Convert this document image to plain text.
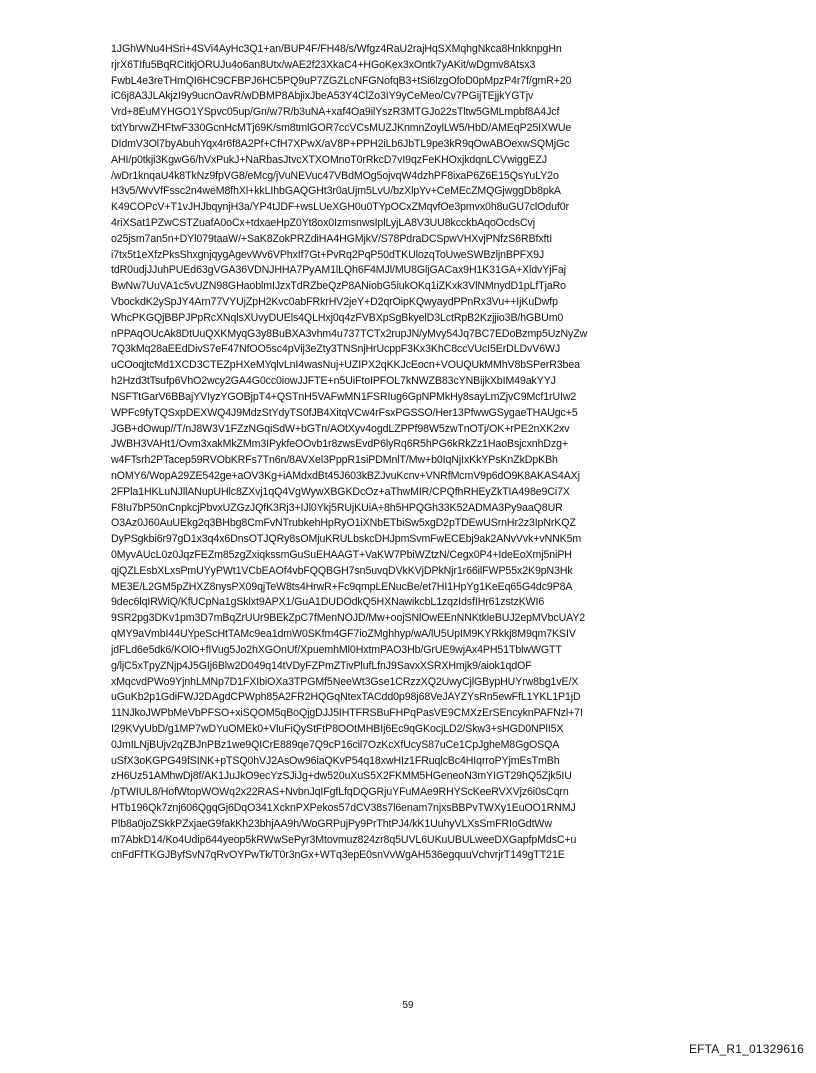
1JGhWNu4HSri+4SVi4AyHc3Q1+an/BUP4F/FH48/s/Wfgz4RaU2rajHqSXMqhgNkca8HnkknpgHn
rjrX6TIfu5BqRCitkjORUJu4o6an8Utx/wAE2f23XkaC4+HGoKex3xOntk7yAKit/wDgmv8Atsx3
FwbL4e3reTHmQI6HC9CFBPJ6HC5PQ9uP7ZGZLcNFGNofqB3+tSi6lzgOfoD0pMpzP4r7f/gmR+20
iC6j8A3JLAkjzI9y9ucnOavR/wDBMP8AbjixJbeA53Y4ClZo3IY9yCeMeo/Cv7PGijTEjjkYGTjv
Vrd+8EuMYHGO1YSpvc05up/Gn/w7R/b3uNA+xaf4Oa9ilYszR3MTGJo22sTltw5GMLmpbf8A4Jcf
txtYbrvwZHFtwF330GcnHcMTj69K/sm8tmlGOR7ccVCsMUZJKnmnZoylLW5/HbD/AMEqP25IXWUe
DIdmV3Ol7byAbuhYqx4r6f8A2Pf+CfH7XPwX/aV8P+PPH2iLb6JbTL9pe3kR9qOwABOexwSQMjGc
AHI/p0tkji3KgwG6/hVxPukJ+NaRbasJtvcXTXOMnoT0rRkcD7vI9qzFeKHOxjkdqnLCVwiggEZJ
/wDr1knqaU4k8TkNz9fpVG8/eMcg/jVuNEVuc47VBdMOg5ojvqW4dzhPF8ixaP6Z6E15QsYuLY2o
H3v5/WvVfFssc2n4weM8fhXl+kkLIhbGAQGHt3r0aUjm5LvU/bzXlpYv+CeMEcZMQGjwggDb8pkA
K49COPcV+T1vJHJbqynjH3a/YP4tJDF+wsLUeXGH0u0TYpOCxZMqvfOe3pmvx0h8uGU7clOduf0r
4riXSat1PZwCSTZuafA0oCx+tdxaeHpZ0Yt8ox0IzmsnwsIplLyjLA8V3UU8kcckbAqoOcdsCvj
o25jsm7an5n+DYl079taaW/+SaK8ZokPRZdiHA4HGMjkV/S78PdraDCSpwVHXvjPNfzS6RBfxftI
i7tx5t1eXfzPksShxgnjqygAgevWv6VPhxIf7Gt+PvRq2PqP50dTKUlozqToUweSWBzljnBPFX9J
tdR0udjJJuhPUEd63gVGA36VDNJHHA7PyAM1lLQh6F4MJl/MU8GljGACax9H1K31GA+XldvYjFaj
BwNw7UuVA1c5vUZN98GHaoblmIJzxTdRZbeQzP8ANiobG5iukOKq1iZKxk3VlNMnydD1pLfTjaRo
VbockdK2ySpJY4Arn77VYUjZpH2Kvc0abFRkrHV2jeY+D2qrOipKQwyaydPPnRx3Vu++IjKuDwfp
WhcPKGQjBBPJPpRcXNqlsXUvyDUEls4QLHxj0q4zFVBXpSgBkyelD3LctRpB2Kzjjio3B/hGBUm0
nPPAqOUcAk8DtUuQXKMyqG3y8BuBXA3vhm4u737TCTx2rupJN/yMvy54Jq7BC7EDoBzmp5UzNyZw
7Q3kMq28aEEdDivS7eF47NfOO5sc4pVij3eZty3TNSnjHrUcppF3Kx3KhC8ccVUcI5ErDLDvV6WJ
uCOoqjtcMd1XCD3CTEZpHXeMYqlvLnI4wasNuj+UZIPX2qKKJcEocn+VOUQUkMMhV8bSPerR3bea
h2Hzd3tTsufp6VhO2wcy2GA4G0cc0iowJJFTE+n5UiFtoIPFOL7kNWZB83cYNBijkXbIM49akYYJ
NSFTtGarV6BBajYVIyzYGOBjpT4+QSTnH5VAFwMN1FSRIug6GpNPMkHy8sayLmZjvC9Mcf1rUIw2
WPFc9fyTQSxpDEXWQ4J9MdzStYdyTS0fJB4XitqVCw4rFsxPGSSO/Her13PfwwGSygaeTHAUgc+5
JGB+dOwup//T/nJ8W3V1FZzNGqiSdW+bGTn/AOtXyv4ogdLZPPf98W5zwTnOTj/OK+rPE2nXK2xv
JWBH3VAHt1/Ovm3xakMkZMm3IPykfeOOvb1r8zwsEvdP6lyRq6R5hPG6kRkZz1HaoBsjcxnhDzg+
w4FTsrh2PTacep59RVObKRFs7Tn6n/8AVXel3PppR1siPDMnlT/Mw+b0IqNjIxKkYPsKnZkDpKBh
nOMY6/WopA29ZE542ge+aOV3Kg+iAMdxdBt45J603kBZJvuKcnv+VNRfMcmV9p6dO9K8AKAS4AXj
2FPla1HKLuNJllANupUHlc8ZXvj1qQ4VgWywXBGKDcOz+aThwMIR/CPQfhRHEyZkTIA498e9Ci7X
F8Iu7bP50nCnpkcjPbvxUZGzJQfK3Rj3+IJl0Ykj5RUjKUiA+8h5HPQGh33K52ADMA3Py9aaQ8UR
O3Az0J60AuUEkg2q3BHbg8CmFvNTrubkehHpRyO1iXNbETbiSw5xgD2pTDEwUSrnHr2z3IpNrKQZ
DyPSgkbi6r97gD1x3q4x6DnsOTJQRy8sOMjuKRULbskcDHJpmSvmFwECEbj9ak2ANvVvk+vNNK5m
0MyvAUcL0z0JqzFEZm85zgZxiqkssmGuSuEHAAGT+VaKW7PbiWZtzN/Cegx0P4+IdeEoXmj5niPH
qjQZLEsbXLxsPmUYyPWt1VCbEAOf4vbFQQBGH7sn5uvqDVkKVjDPkNjr1r66ilFWP55x2K9pN3Hk
ME3E/L2GM5pZHXZ8nysPX09qjTeW8ts4HrwR+Fc9qmpLENucBe/et7HI1HpYg1KeEq65G4dc9P8A
9dec6lqIRWiQ/KfUCpNa1gSklxt9APX1/GuA1DUDOdkQ5HXNawikcbL1zqzIdsfIHr61zstzKWI6
9SR2pg3DKv1pm3D7mBqZrUUr9BEkZpC7fMenNOJD/Mw+oojSNlOwEEnNNKtkleBUJ2epMVbcUAY2
qMY9aVmbI44UYpeScHtTAMc9ea1dmW0SKfm4GF7ioZMghhyp/wA/lU5UpIM9KYRkkj8M9qm7KSIV
jdFLd6e5dk6/KOlO+fIVug5Jo2hXGOnUf/XpuemhMl0HxtmPAO3Hb/GrUE9wjAx4PH51TblwWGTT
g/ljC5xTpyZNjp4J5GIj6Blw2D049q14tVDyFZPmZTivPlufLfnJ9SavxXSRXHmjk9/aiok1qdOF
xMqcvdPWo9YjnhLMNp7D1FXIbiOXa3TPGMf5NeeWt3Gse1CRzzXQ2UwyCjlGBypHUYrw8bg1vE/X
uGuKb2p1GdiFWJ2DAgdCPWph85A2FR2HQGqNtexTACdd0p98j68VeJAYZYsRn5ewFfL1YKL1P1jD
11NJkoJWPbMeVbPFSO+xiSQOM5qBoQjgDJJ5IHTFRSBuFHPqPasVE9CMXzErSEncyknPAFNzl+7I
I29KVyUbD/g1MP7wDYuOMEk0+VluFiQyStFtP8OOtMHBIj6Ec9qGKocjLD2/Skw3+sHGD0NPlI5X
0JmILNjBUjv2qZBJnPBz1we9QICrE889qe7Q9cP16cil7OzKcXfUcyS87uCe1CpJgheM8GgOSQA
uSfX3oKGPG49fSINK+pTSQ0hVJ2AsOw96iaQKvP54q18xwHIz1FRuqlcBc4HIqrroPYjmEsTmBh
zH6Uz51AMhwDj8f/AK1JuJkO9ecYzSJiJg+dw520uXuS5X2FKMM5HGeneoN3mYIGT29hQ5Zjk5IU
/pTWIUL8/HofWtopWOWq2x22RAS+NvbnJqIFgfLfqDQGRjuYFuMAe9RHYScKeeRVXVjz6i0sCqrn
HTb196Qk7znj606QgqGj6DqO341XcknPXPekos57dCV38s7l6enam7njxsBBPvTWXy1EuOO1RNMJ
Plb8a0joZSkkPZxjaeG9fakKh23bhjAA9h/WoGRPujPy9PrThtPJ4/kK1UuhyVLXsSmFRIoGdtWw
m7AbkD14/Ko4Udip644yeop5kRWwSePyr3Mtovmuz824zr8q5UVL6UKuUBULweeDXGapfpMdsC+u
cnFdFfTKGJByfSvN7qRvOYPwTk/T0r3nGx+WTq3epE0snVvWgAH536egquuVchvrjrT149gTT21E
59
EFTA_R1_01329616
